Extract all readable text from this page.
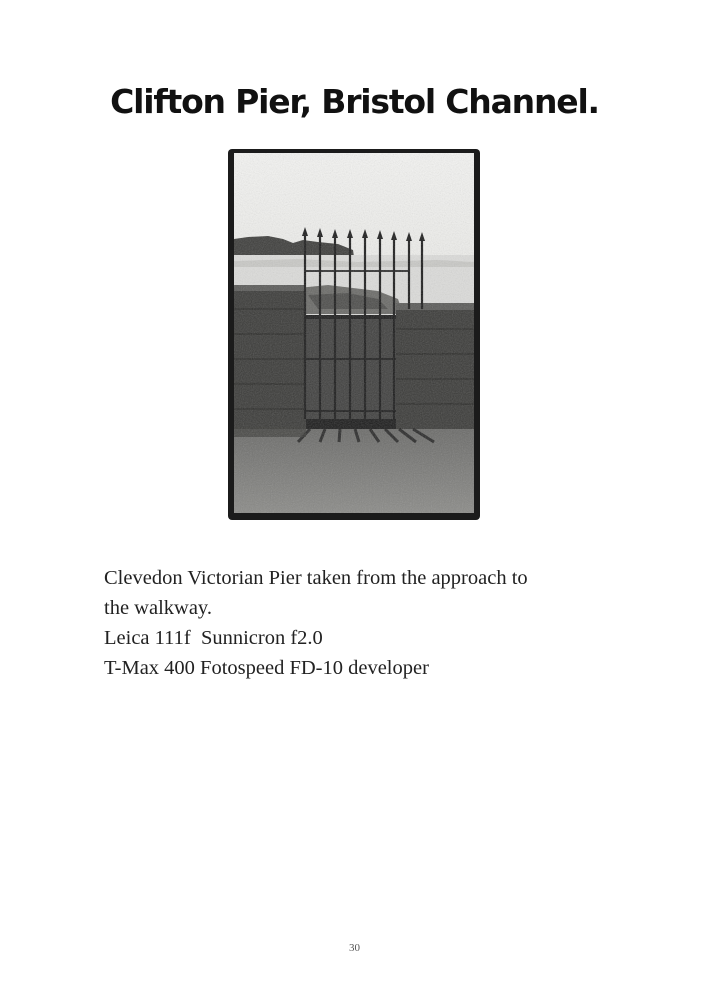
Clifton Pier, Bristol Channel.
Clevedon Victorian Pier taken from the approach to
the walkway.
Leica 111f  Sunnicron f2.0
T-Max 400 Fotospeed FD-10 developer
30
